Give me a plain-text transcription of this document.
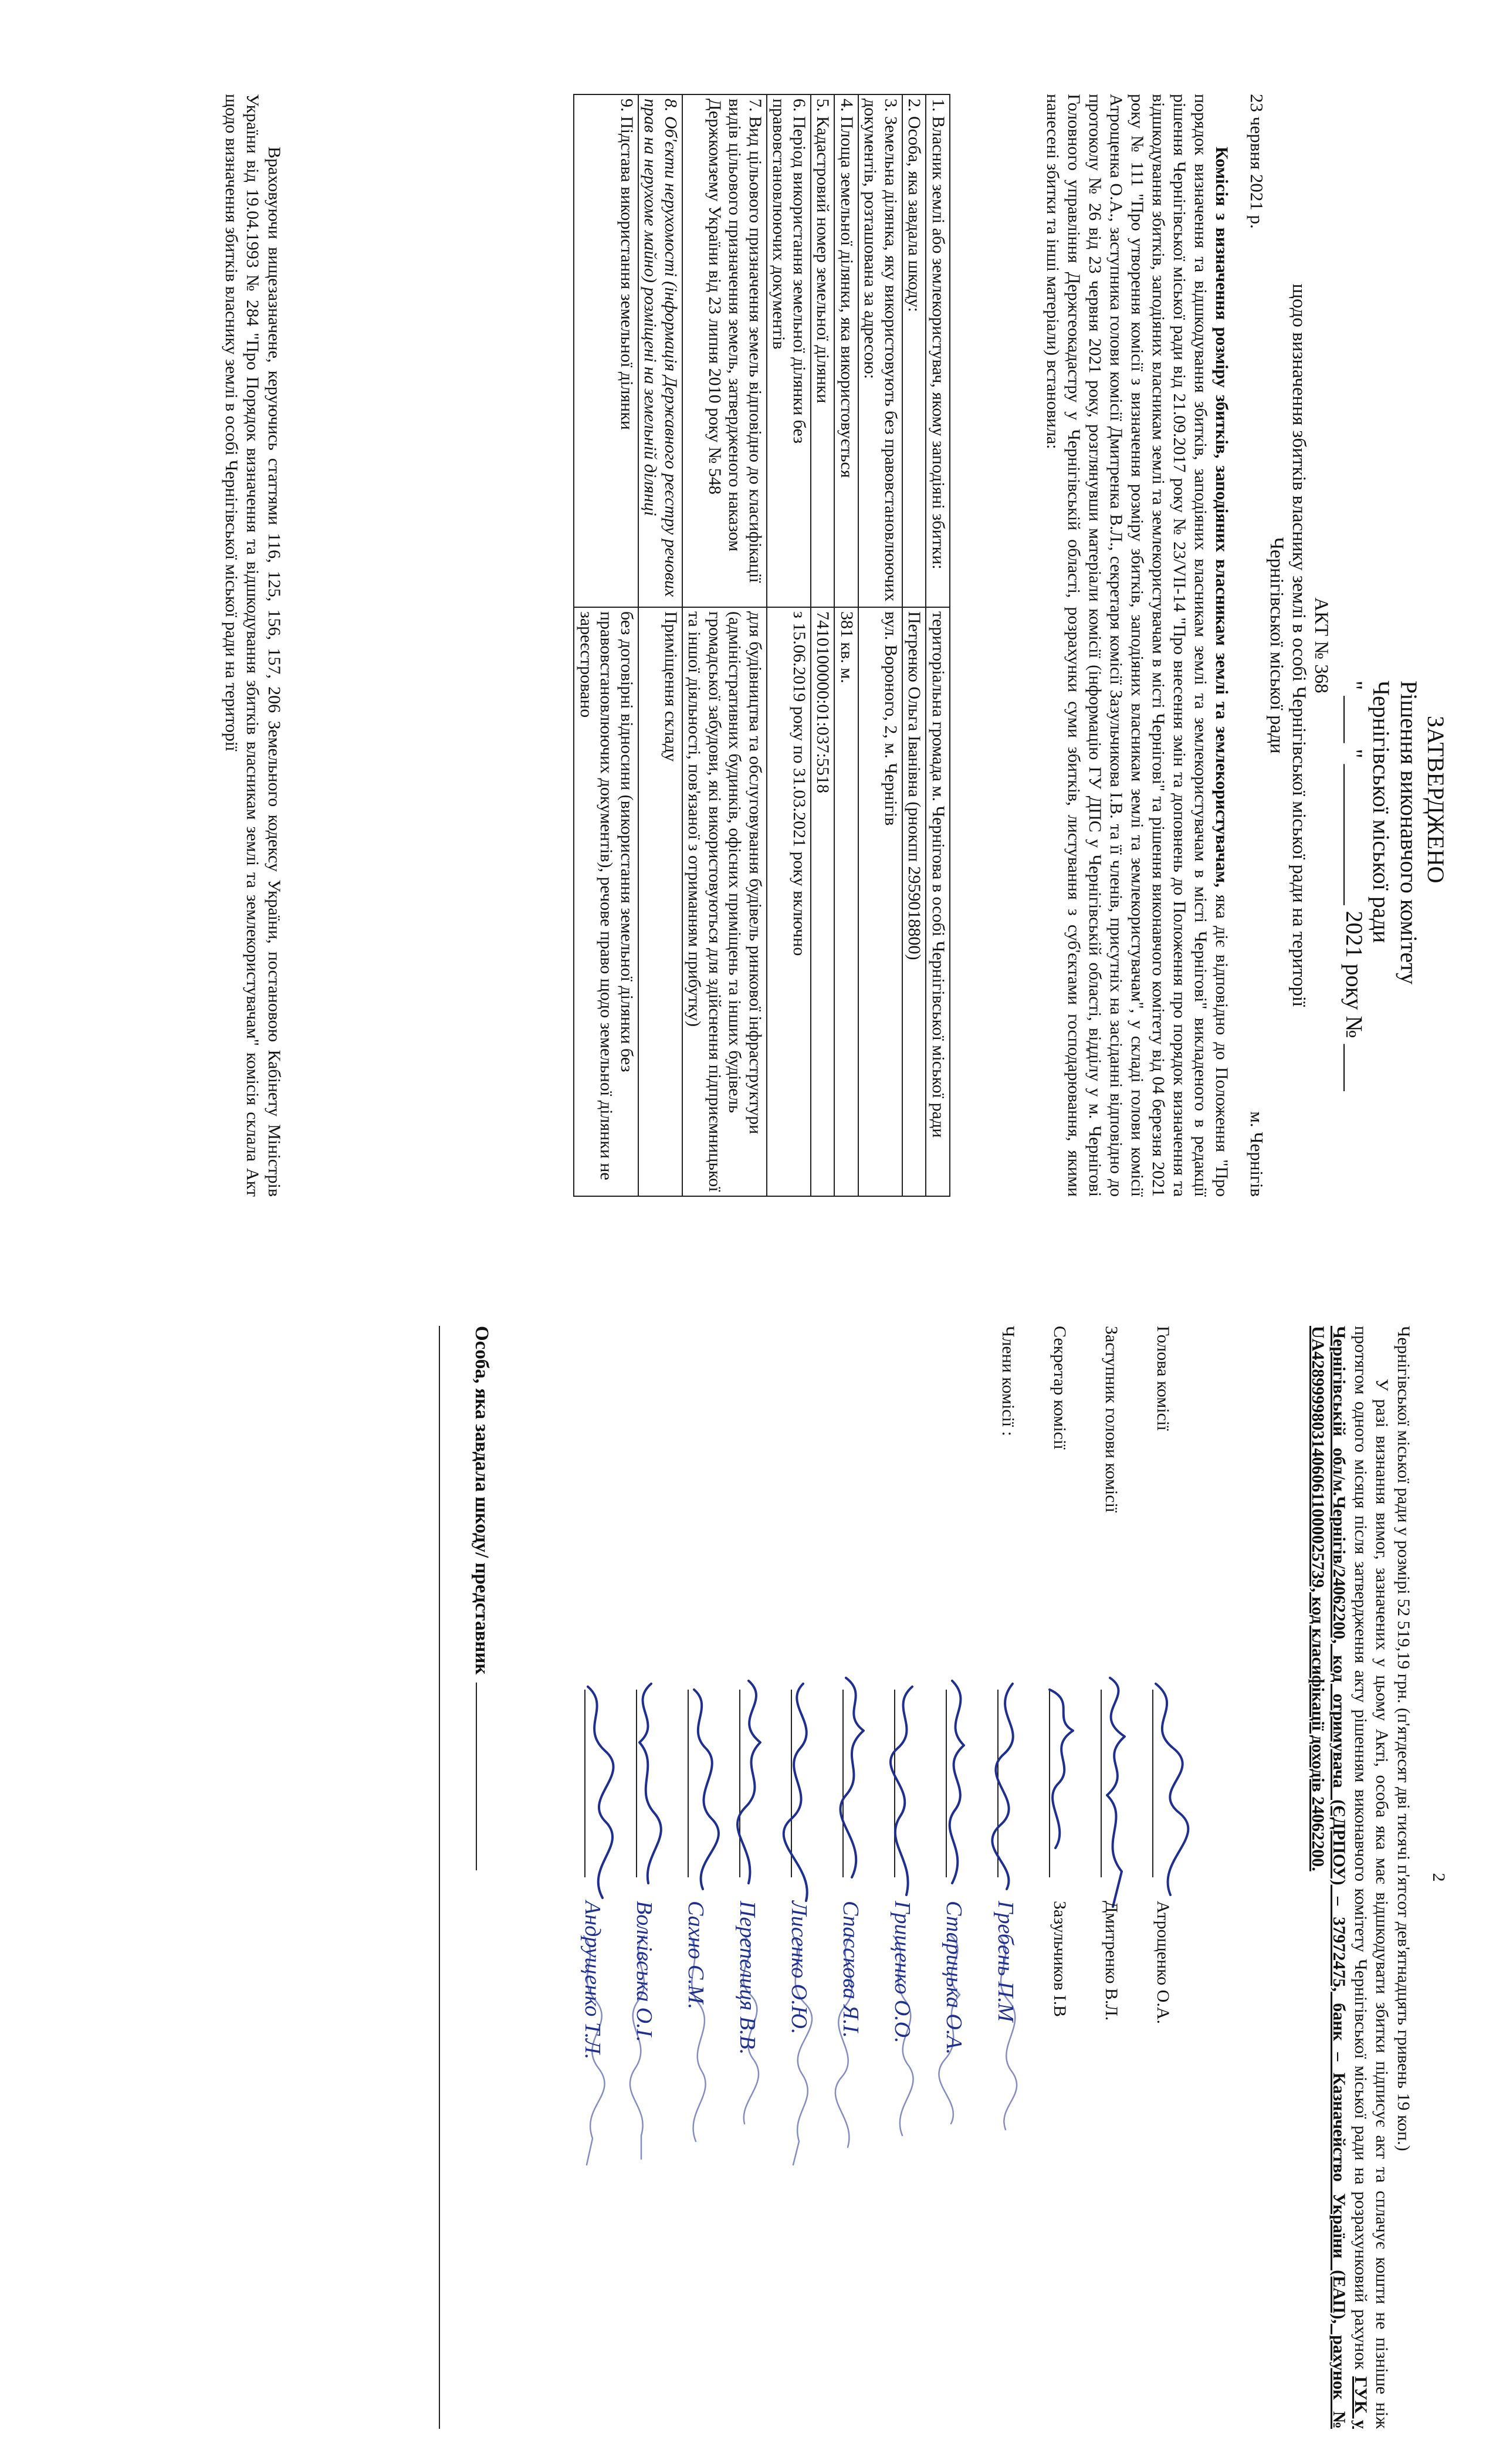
ЗАТВЕРДЖЕНО
Рішення виконавчого комітету
Чернігівської міської ради
" ____ " ____________ 2021 року № ____
АКТ № 368
щодо визначення збитків власнику землі в особі Чернігівської міської ради на території
Чернігівської міської ради
23 червня 2021 р.
м. Чернігів
Комісія з визначення розміру збитків, заподіяних власникам землі та землекористувачам, яка діє відповідно до Положення "Про порядок визначення та відшкодування збитків, заподіяних власникам землі та землекористувачам в місті Чернігові" викладеного в редакції рішення Чернігівської міської ради від 21.09.2017 року № 23/VII-14 "Про внесення змін та доповнень до Положення про порядок визначення та відшкодування збитків, заподіяних власникам землі та землекористувачам в місті Чернігові" та рішення виконавчого комітету від 04 березня 2021 року № 111 "Про утворення комісії з визначення розміру збитків, заподіяних власникам землі та землекористувачам", у складі голови комісії Атрощенка О.А., заступника голови комісії Дмитренка В.Л., секретаря комісії Зазульчикова І.В. та її членів, присутніх на засіданні відповідно до протоколу № 26 від 23 червня 2021 року, розглянувши матеріали комісії (інформацію ГУ ДПС у Чернігівській області, відділу у м. Чернігові Головного управління Держгеокадастру у Чернігівській області, розрахунки суми збитків, листування з суб'єктами господарювання, якими нанесені збитки та інші матеріали) встановила:
1. Власник землі або землекористувач, якому заподіяні збитки:	територіальна громада м. Чернігова в особі Чернігівської міської ради
2. Особа, яка завдала шкоду:	Петренко Ольга Іванівна (рнокпп 2959018800)
3. Земельна ділянка, яку використовують без правовстановлюючих документів, розташована за адресою:	вул. Вороного, 2, м. Чернігів
4. Площа земельної ділянки, яка використовується	381 кв. м.
5. Кадастровий номер земельної ділянки	7410100000:01:037:5518
6. Період використання земельної ділянки без правовстановлюючих документів	з 15.06.2019 року по 31.03.2021 року включно
7. Вид цільового призначення земель відповідно до класифікації видів цільового призначення земель, затвердженого наказом Держкомзему України від 23 липня 2010 року № 548	для будівництва та обслуговування будівель ринкової інфраструктури (адміністративних будинків, офісних приміщень та інших будівель громадської забудови, які використовуються для здійснення підприємницької та іншої діяльності, пов'язаної з отриманням прибутку)
8. Об'єкти нерухомості (інформація Державного реєстру речових прав на нерухоме майно) розміщені на земельній ділянці	Приміщення складу
9. Підстава використання земельної ділянки	без договірні відносини (використання земельної ділянки без правовстановлюючих документів), речове право щодо земельної ділянки не зареєстровано
Враховуючи вищезазначене, керуючись статтями 116, 125, 156, 157, 206 Земельного кодексу України, постановою Кабінету Міністрів України від 19.04.1993 № 284 "Про Порядок визначення та відшкодування збитків власникам землі та землекористувачам" комісія склала Акт щодо визначення збитків власнику землі в особі Чернігівської міської ради на території
2
Чернігівської міської ради у розмірі 52 519,19 грн. (п'ятдесят дві тисячі п'ятсот дев'ятнадцять гривень 19 коп.)
У разі визнання вимог, зазначених у цьому Акті, особа яка має відшкодувати збитки підписує акт та сплачує кошти не пізніше ніж протягом одного місяця після затвердження акту рішенням виконавчого комітету Чернігівської міської ради на розрахунковий рахунок ГУК у Чернігівській обл/м.Чернігів/24062200, код отримувача (ЄДРПОУ) – 37972475, банк – Казначейство України (ЕАП), рахунок № UA428999980314060611000025739, код класифікації доходів 24062200.
Голова комісії
Атрощенко О.А.
Заступник голови комісії
Дмитренко В.Л.
Секретар комісії
Зазульчиков І.В
Члени комісії :
Гребень П.М
Старицька О.А.
Грищенко О.О.
Спасскова Я.І.
Лисенко О.Ю.
Перепелиця В.В.
Сахно С.М.
Волківська О.І.
Андрущенко Т.Л.
Особа, яка завдала шкоду/ представник
